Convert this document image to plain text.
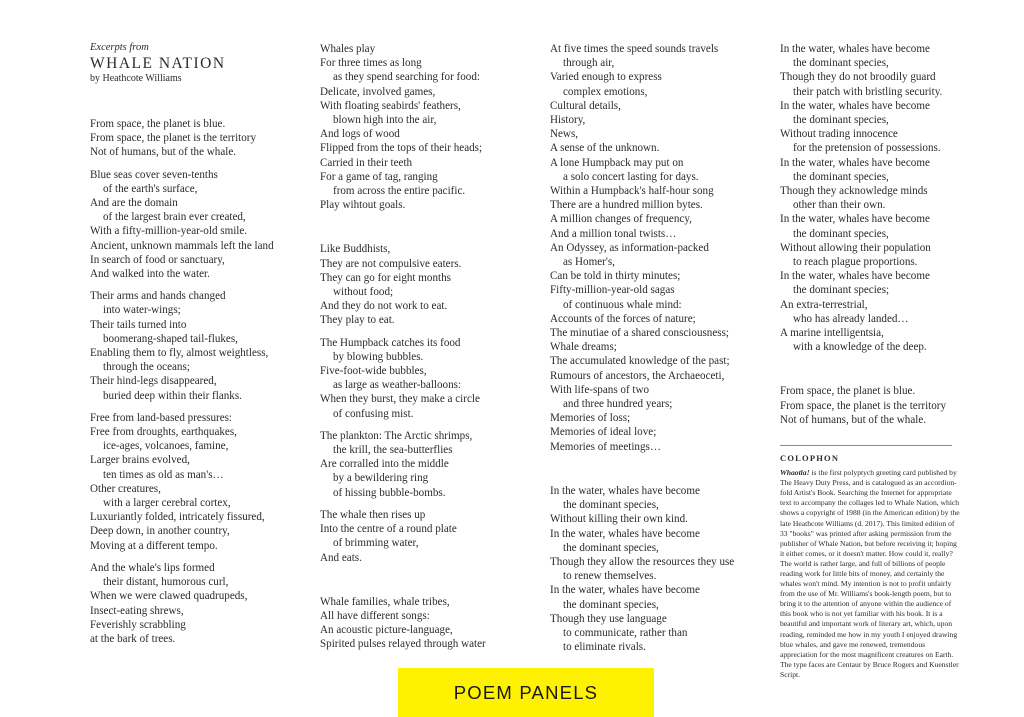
Excerpts from
WHALE NATION
by Heathcote Williams
From space, the planet is blue.
From space, the planet is the territory
Not of humans, but of the whale.
Blue seas cover seven-tenths
of the earth's surface,
And are the domain
of the largest brain ever created,
With a fifty-million-year-old smile.
Ancient, unknown mammals left the land
In search of food or sanctuary,
And walked into the water.
Their arms and hands changed
into water-wings;
Their tails turned into
boomerang-shaped tail-flukes,
Enabling them to fly, almost weightless,
through the oceans;
Their hind-legs disappeared,
buried deep within their flanks.
Free from land-based pressures:
Free from droughts, earthquakes,
ice-ages, volcanoes, famine,
Larger brains evolved,
ten times as old as man's…
Other creatures,
with a larger cerebral cortex,
Luxuriantly folded, intricately fissured,
Deep down, in another country,
Moving at a different tempo.
And the whale's lips formed
their distant, humorous curl,
When we were clawed quadrupeds,
Insect-eating shrews,
Feverishly scrabbling
at the bark of trees.
Whales play
For three times as long
as they spend searching for food:
Delicate, involved games,
With floating seabirds' feathers,
blown high into the air,
And logs of wood
Flipped from the tops of their heads;
Carried in their teeth
For a game of tag, ranging
from across the entire pacific.
Play wihtout goals.
Like Buddhists,
They are not compulsive eaters.
They can go for eight months
without food;
And they do not work to eat.
They play to eat.
The Humpback catches its food
by blowing bubbles.
Five-foot-wide bubbles,
as large as weather-balloons:
When they burst, they make a circle
of confusing mist.
The plankton: The Arctic shrimps,
the krill, the sea-butterflies
Are corralled into the middle
by a bewildering ring
of hissing bubble-bombs.
The whale then rises up
Into the centre of a round plate
of brimming water,
And eats.
Whale families, whale tribes,
All have different songs:
An acoustic picture-language,
Spirited pulses relayed through water
At five times the speed sounds travels
through air,
Varied enough to express
complex emotions,
Cultural details,
History,
News,
A sense of the unknown.
A lone Humpback may put on
a solo concert lasting for days.
Within a Humpback's half-hour song
There are a hundred million bytes.
A million changes of frequency,
And a million tonal twists…
An Odyssey, as information-packed
as Homer's,
Can be told in thirty minutes;
Fifty-million-year-old sagas
of continuous whale mind:
Accounts of the forces of nature;
The minutiae of a shared consciousness;
Whale dreams;
The accumulated knowledge of the past;
Rumours of ancestors, the Archaeoceti,
With life-spans of two
and three hundred years;
Memories of loss;
Memories of ideal love;
Memories of meetings…
In the water, whales have become
the dominant species,
Without killing their own kind.
In the water, whales have become
the dominant species,
Though they allow the resources they use
to renew themselves.
In the water, whales have become
the dominant species,
Though they use language
to communicate, rather than
to eliminate rivals.
In the water, whales have become
the dominant species,
Though they do not broodily guard
their patch with bristling security.
In the water, whales have become
the dominant species,
Without trading innocence
for the pretension of possessions.
In the water, whales have become
the dominant species,
Though they acknowledge minds
other than their own.
In the water, whales have become
the dominant species,
Without allowing their population
to reach plague proportions.
In the water, whales have become
the dominant species;
An extra-terrestrial,
who has already landed…
A marine intelligentsia,
with a knowledge of the deep.
From space, the planet is blue.
From space, the planet is the territory
Not of humans, but of the whale.
COLOPHON
Whaotla! is the first polyptych greeting card published by The Heavy Duty Press, and is catalogued as an accordion-fold Artist's Book. Searching the Internet for appropriate text to accompany the collages led to Whale Nation, which shows a copyright of 1988 (in the American edition) by the late Heathcote Williams (d. 2017). This limited edition of 33 "books" was printed after asking permission from the publisher of Whale Nation, but before receiving it; hoping it either comes, or it doesn't matter. How could it, really? The world is rather large, and full of billions of people reading work for little bits of money, and certainly the whales won't mind. My intention is not to profit unfairly from the use of Mr. Williams's book-length poem, but to bring it to the attention of anyone within the audience of this book who is not yet familiar with his book. It is a beautiful and important work of literary art, which, upon reading, reminded me how in my youth I enjoyed drawing blue whales, and gave me renewed, tremendous appreciation for the most magnificent creatures on Earth. The type faces are Centaur by Bruce Rogers and Kuenstler Script.
POEM PANELS
